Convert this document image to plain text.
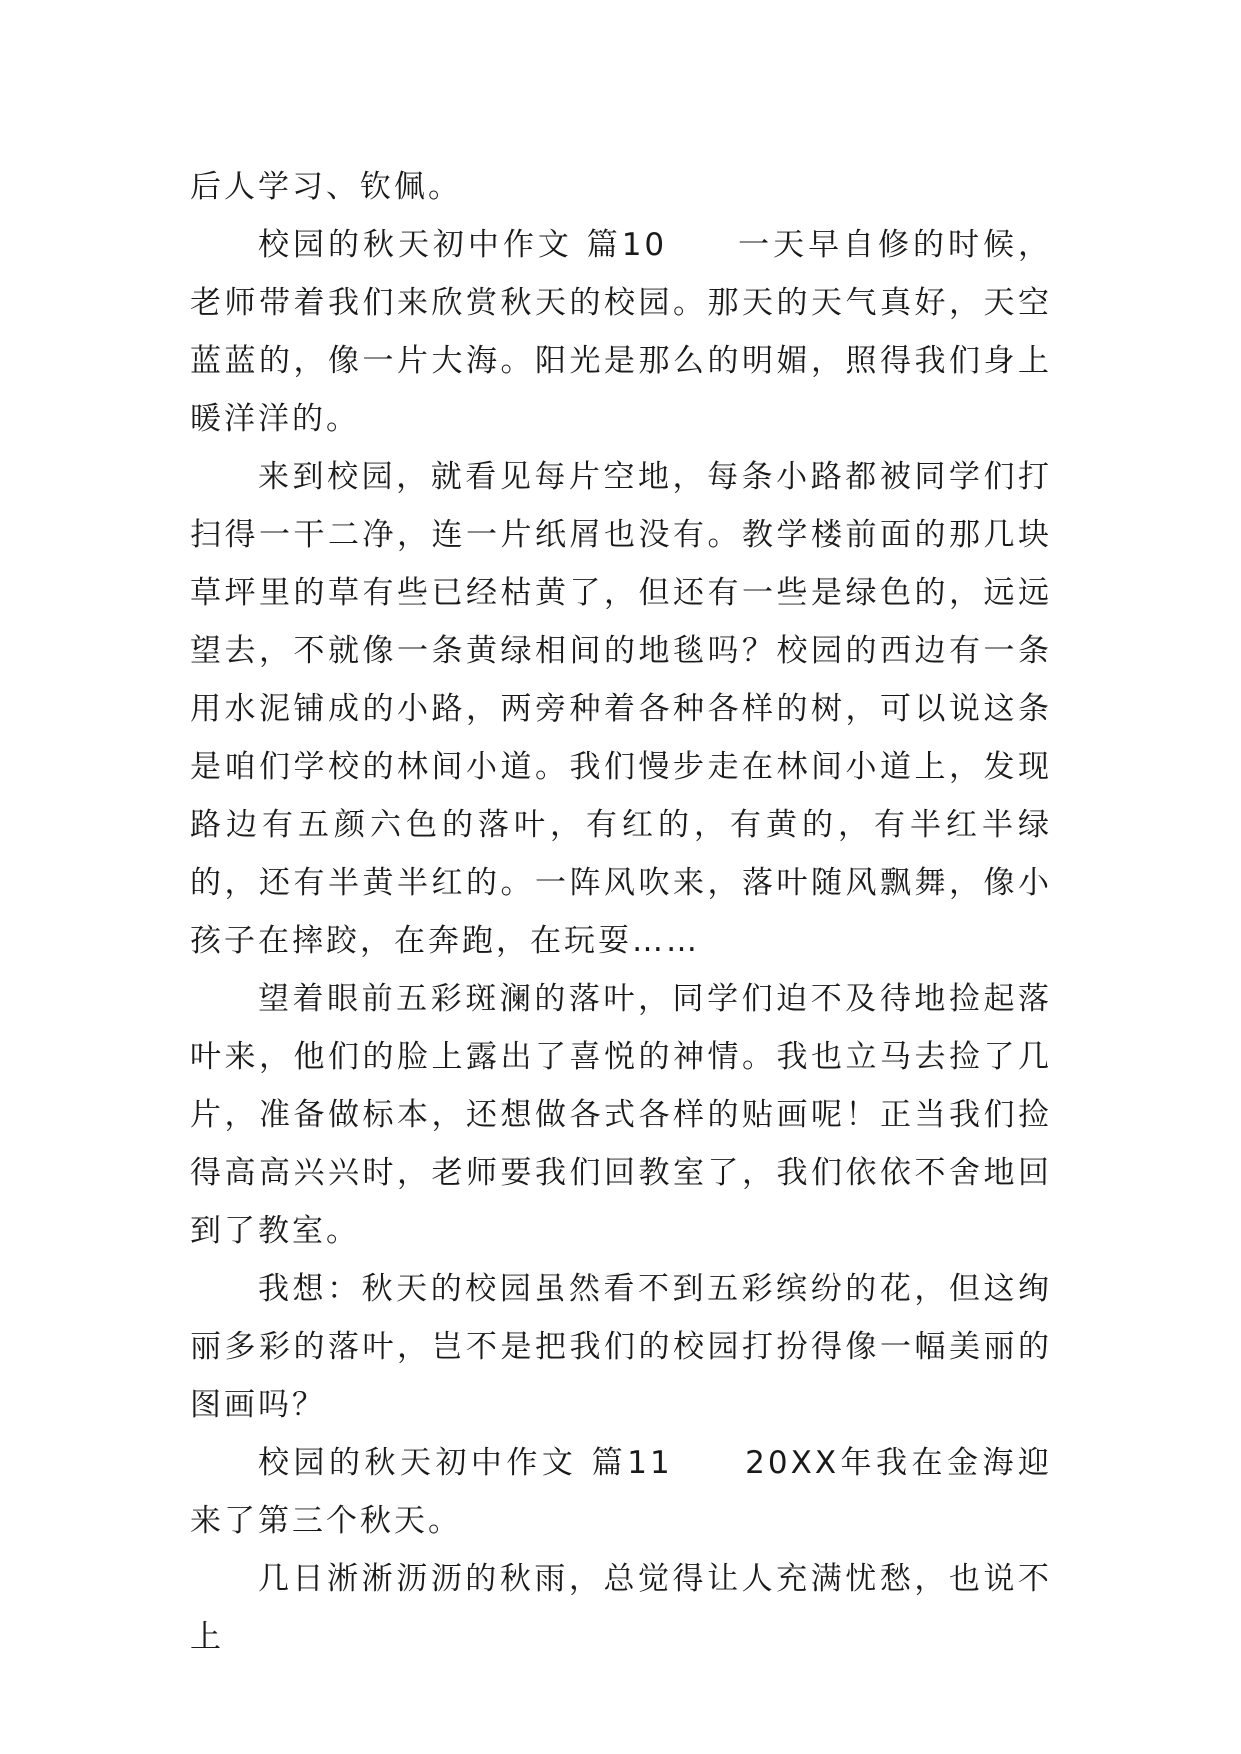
后人学习、钦佩。

校园的秋天初中作文 篇10　　一天早自修的时候，老师带着我们来欣赏秋天的校园。那天的天气真好，天空蓝蓝的，像一片大海。阳光是那么的明媚，照得我们身上暖洋洋的。

来到校园，就看见每片空地，每条小路都被同学们打扫得一干二净，连一片纸屑也没有。教学楼前面的那几块草坪里的草有些已经枯黄了，但还有一些是绿色的，远远望去，不就像一条黄绿相间的地毯吗？校园的西边有一条用水泥铺成的小路，两旁种着各种各样的树，可以说这条是咱们学校的林间小道。我们慢步走在林间小道上，发现路边有五颜六色的落叶，有红的，有黄的，有半红半绿的，还有半黄半红的。一阵风吹来，落叶随风飘舞，像小孩子在摔跤，在奔跑，在玩耍……

望着眼前五彩斑澜的落叶，同学们迫不及待地捡起落叶来，他们的脸上露出了喜悦的神情。我也立马去捡了几片，准备做标本，还想做各式各样的贴画呢！正当我们捡得高高兴兴时，老师要我们回教室了，我们依依不舍地回到了教室。

我想：秋天的校园虽然看不到五彩缤纷的花，但这绚丽多彩的落叶，岂不是把我们的校园打扮得像一幅美丽的图画吗？

校园的秋天初中作文 篇11　　20XX年我在金海迎来了第三个秋天。

几日淅淅沥沥的秋雨，总觉得让人充满忧愁，也说不上
